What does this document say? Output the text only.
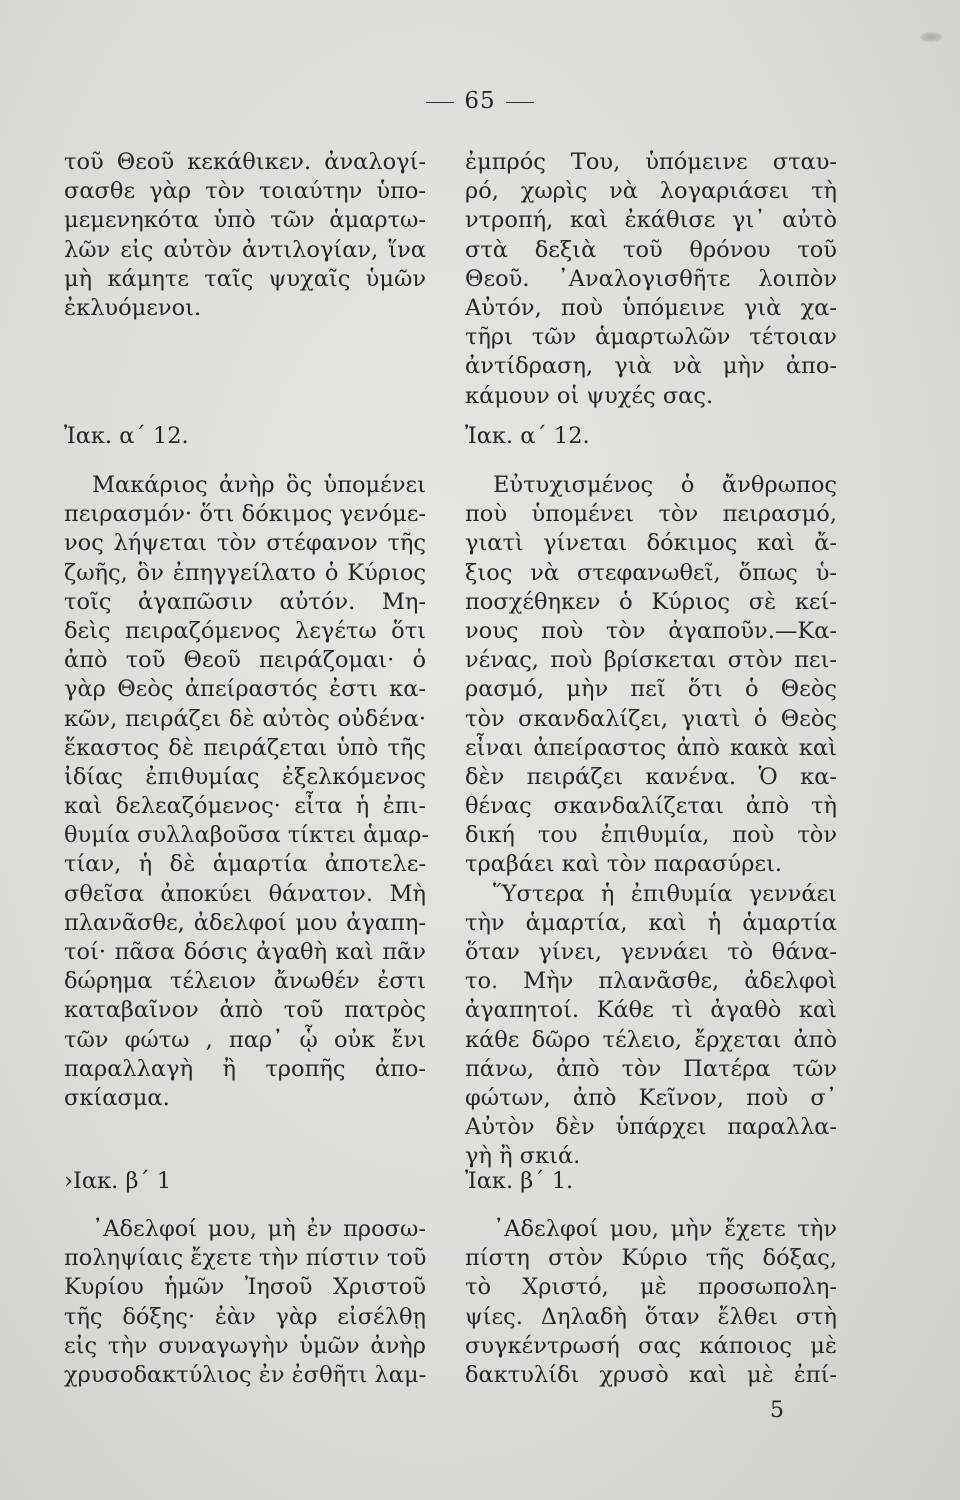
65
τοῦ Θεοῦ κεκάθικεν. ἀναλογί-
σασθε γὰρ τὸν τοιαύτην ὑπο-
μεμενηκότα ὑπὸ τῶν ἁμαρτω-
λῶν εἰς αὐτὸν ἀντιλογίαν, ἵνα
μὴ κάμητε ταῖς ψυχαῖς ὑμῶν
ἐκλυόμενοι.
Ἰακ. α΄ 12.
Μακάριος ἀνὴρ ὃς ὑπομένει
πειρασμόν· ὅτι δόκιμος γενόμε-
νος λήψεται τὸν στέφανον τῆς
ζωῆς, ὃν ἐπηγγείλατο ὁ Κύριος
τοῖς ἀγαπῶσιν αὐτόν. Μη-
δεὶς πειραζόμενος λεγέτω ὅτι
ἀπὸ τοῦ Θεοῦ πειράζομαι· ὁ
γὰρ Θεὸς ἀπείραστός ἐστι κα-
κῶν, πειράζει δὲ αὐτὸς οὐδένα·
ἕκαστος δὲ πειράζεται ὑπὸ τῆς
ἰδίας ἐπιθυμίας ἐξελκόμενος
καὶ δελεαζόμενος· εἶτα ἡ ἐπι-
θυμία συλλαβοῦσα τίκτει ἁμαρ-
τίαν, ἡ δὲ ἁμαρτία ἀποτελε-
σθεῖσα ἀποκύει θάνατον. Μὴ
πλανᾶσθε, ἀδελφοί μου ἀγαπη-
τοί· πᾶσα δόσις ἀγαθὴ καὶ πᾶν
δώρημα τέλειον ἄνωθέν ἐστι
καταβαῖνον ἀπὸ τοῦ πατρὸς
τῶν φώτω , παρ᾿ ᾧ οὐκ ἔνι
παραλλαγὴ ἢ τροπῆς ἀπο-
σκίασμα.
›Ιακ. β΄ 1
᾿Αδελφοί μου, μὴ ἐν προσω-
ποληψίαις ἔχετε τὴν πίστιν τοῦ
Κυρίου ἡμῶν Ἰησοῦ Χριστοῦ
τῆς δόξης· ἐὰν γὰρ εἰσέλθῃ
εἰς τὴν συναγωγὴν ὑμῶν ἀνὴρ
χρυσοδακτύλιος ἐν ἐσθῆτι λαμ-
ἐμπρός Του, ὑπόμεινε σταυ-
ρό, χωρὶς νὰ λογαριάσει τὴ
ντροπή, καὶ ἐκάθισε γι᾿ αὐτὸ
στὰ δεξιὰ τοῦ θρόνου τοῦ
Θεοῦ. ᾿Αναλογισθῆτε λοιπὸν
Αὐτόν, ποὺ ὑπόμεινε γιὰ χα-
τῆρι τῶν ἁμαρτωλῶν τέτοιαν
ἀντίδραση, γιὰ νὰ μὴν ἀπο-
κάμουν οἱ ψυχές σας.
Ἰακ. α΄ 12.
Εὐτυχισμένος ὁ ἄνθρωπος
ποὺ ὑπομένει τὸν πειρασμό,
γιατὶ γίνεται δόκιμος καὶ ἄ-
ξιος νὰ στεφανωθεῖ, ὅπως ὑ-
ποσχέθηκεν ὁ Κύριος σὲ κεί-
νους ποὺ τὸν ἀγαποῦν.—Κα-
νένας, ποὺ βρίσκεται στὸν πει-
ρασμό, μὴν πεῖ ὅτι ὁ Θεὸς
τὸν σκανδαλίζει, γιατὶ ὁ Θεὸς
εἶναι ἀπείραστος ἀπὸ κακὰ καὶ
δὲν πειράζει κανένα. Ὁ κα-
θένας σκανδαλίζεται ἀπὸ τὴ
δική του ἐπιθυμία, ποὺ τὸν
τραβάει καὶ τὸν παρασύρει.
Ὕστερα ἡ ἐπιθυμία γεννάει
τὴν ἁμαρτία, καὶ ἡ ἁμαρτία
ὅταν γίνει, γεννάει τὸ θάνα-
το. Μὴν πλανᾶσθε, ἀδελφοὶ
ἀγαπητοί. Κάθε τὶ ἀγαθὸ καὶ
κάθε δῶρο τέλειο, ἔρχεται ἀπὸ
πάνω, ἀπὸ τὸν Πατέρα τῶν
φώτων, ἀπὸ Κεῖνον, ποὺ σ᾿
Αὐτὸν δὲν ὑπάρχει παραλλα-
γὴ ἢ σκιά.
Ἰακ. β΄ 1.
᾿Αδελφοί μου, μὴν ἔχετε τὴν
πίστη στὸν Κύριο τῆς δόξας,
τὸ Χριστό, μὲ προσωπολη-
ψίες. Δηλαδὴ ὅταν ἔλθει στὴ
συγκέντρωσή σας κάποιος μὲ
δακτυλίδι χρυσὸ καὶ μὲ ἐπί-
5
